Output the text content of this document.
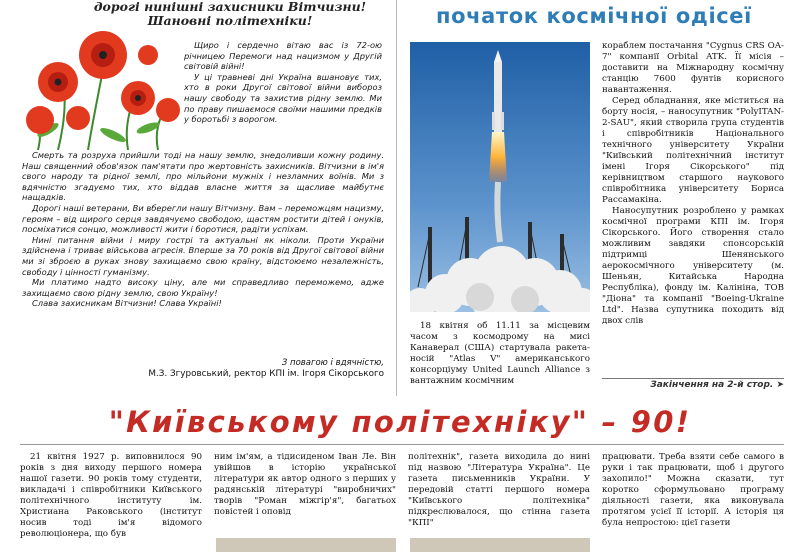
дорогі нинішні захисники Вітчизни!
Шановні політехніки!

Щиро і сердечно вітаю вас із 72-ою річницею Перемоги над нацизмом у Другій світовій війні!

У ці травневі дні Україна вшановує тих, хто в роки Другої світової війни вибороз нашу свободу та захистив рідну землю. Ми по праву пишаємося своїми нашими предків у боротьбі з ворогом.

Смерть та розруха прийшли тоді на нашу землю, знедоливши кожну родину. Наш священний обов'язок пам'ятати про жертовність захисників. Вітчизни в ім'я свого народу та рідної землі, про мільйони мужніх і незламних воїнів. Ми з вдячністю згадуємо тих, хто віддав власне життя за щасливе майбутнє нащадків.

Дорогі наші ветерани, Ви вберегли нашу Вітчизну. Вам – переможцям нацизму, героям – від щирого серця завдячуємо свободою, щастям ростити дітей і онуків, посміхатися сонцю, можливості жити і боротися, радіти успіхам.

Нині питання війни і миру гострі та актуальні як ніколи. Проти України здійснена і триває військова агресія. Вперше за 70 років від Другої світової війни ми зі зброєю в руках знову захищаємо свою країну, відстоюємо незалежність, свободу і цінності гуманізму.

Ми платимо надто високу ціну, але ми справедливо переможемо, адже захищаємо свою рідну землю, свою Україну!

Слава захисникам Вітчизни! Слава Україні!

З повагою і вдячністю,
М.З. Згуровський, ректор КПІ ім. Ігоря Сікорського
початок космічної одісеї

18 квітня об 11.11 за місцевим часом з космодрому на мисі Канаверал (США) стартувала ракета-носій "Atlas V" американського консорціуму United Launch Alliance з вантажним космічним

кораблем постачання "Cygnus CRS OA-7" компанії Orbital ATK. Її місія – доставити на Міжнародну космічну станцію 7600 фунтів корисного навантаження.

Серед обладнання, яке міститься на борту носія, – наносупутник "PolyITAN-2-SAU", який створила група студентів і співробітників Національного технічного університету України "Київський політехнічний інститут імені Ігоря Сікорського" під керівництвом старшого наукового співробітника університету Бориса Рассамакіна.

Наносупутник розроблено у рамках космічної програми КПІ ім. Ігоря Сікорського. Його створення стало можливим завдяки спонсорській підтримці Шенянського аерокосмічного університету (м. Шеньян, Китайська Народна Республіка), фонду ім. Калініна, ТОВ "Діона" та компанії "Boeing-Ukraine Ltd". Назва супутника походить від двох слів

Закінчення на 2-й стор. ➤
"Київському політехніку" – 90!

21 квітня 1927 р. виповнилося 90 років з дня виходу першого номера нашої газети. 90 років тому студенти, викладачі і співробітники Київського політехнічного інституту ім. Христиана Раковського (інститут носив тоді ім'я відомого революціонера, що був

ним ім'ям, а тідисиденом Іван Ле. Він увійшов в історію української літератури як автор одного з перших у радянській літературі "виробничих" творів "Роман міжгір'я", багатьох повістей і оповід

політехнік", газета виходила до нині під назвою "Література Україна". Це газета письменників України. У передовій статті першого номера "Київського політехніка" підкреслювалося, що стінна газета "КПІ"

працювати. Треба взяти себе самого в руки і так працювати, щоб і другого захопило!" Можна сказати, тут коротко сформульовано програму діяльності газети, яка виконувала протягом усієї її історії. А історія ця була непростою: цієї газети
